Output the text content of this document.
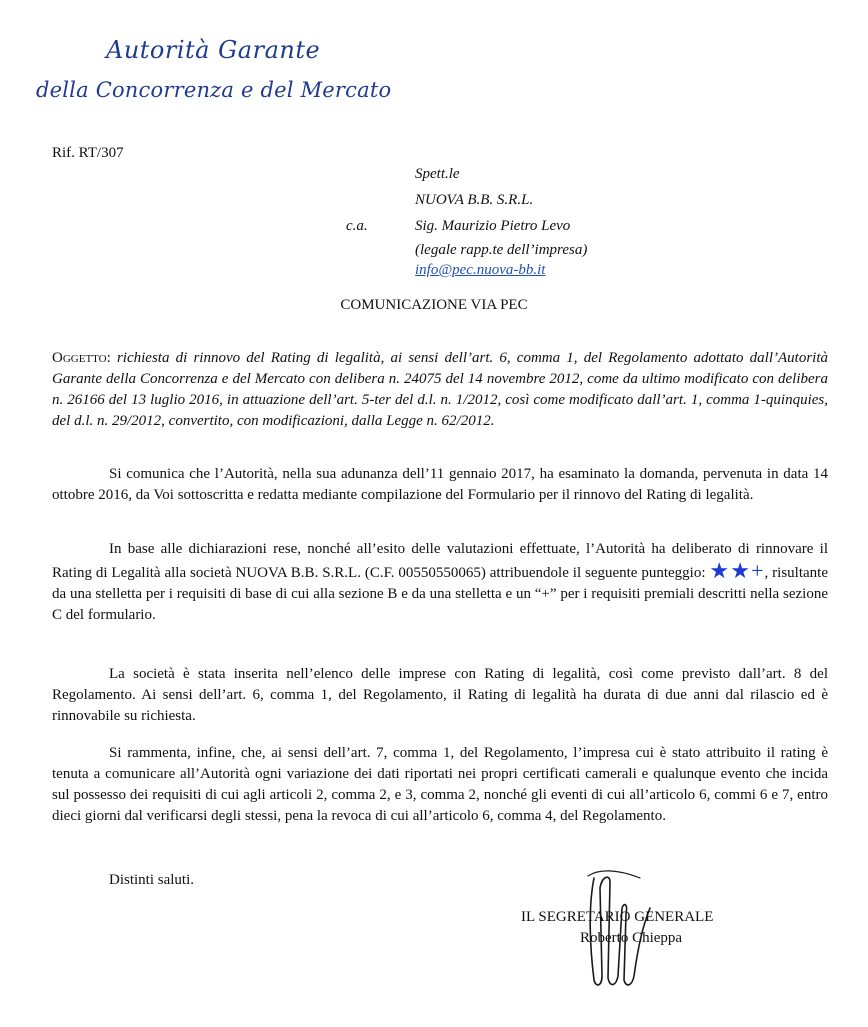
Autorità Garante
della Concorrenza e del Mercato
Rif. RT/307
Spett.le
NUOVA B.B. S.R.L.
c.a.	Sig. Maurizio Pietro Levo
(legale rapp.te dell’impresa)
info@pec.nuova-bb.it
COMUNICAZIONE VIA PEC
Oggetto: richiesta di rinnovo del Rating di legalità, ai sensi dell’art. 6, comma 1, del Regolamento adottato dall’Autorità Garante della Concorrenza e del Mercato con delibera n. 24075 del 14 novembre 2012, come da ultimo modificato con delibera n. 26166 del 13 luglio 2016, in attuazione dell’art. 5-ter del d.l. n. 1/2012, così come modificato dall’art. 1, comma 1-quinquies, del d.l. n. 29/2012, convertito, con modificazioni, dalla Legge n. 62/2012.
Si comunica che l’Autorità, nella sua adunanza dell’11 gennaio 2017, ha esaminato la domanda, pervenuta in data 14 ottobre 2016, da Voi sottoscritta e redatta mediante compilazione del Formulario per il rinnovo del Rating di legalità.
In base alle dichiarazioni rese, nonché all’esito delle valutazioni effettuate, l’Autorità ha deliberato di rinnovare il Rating di Legalità alla società NUOVA B.B. S.R.L. (C.F. 00550550065) attribuendole il seguente punteggio: ★★+, risultante da una stelletta per i requisiti di base di cui alla sezione B e da una stelletta e un “+” per i requisiti premiali descritti nella sezione C del formulario.
La società è stata inserita nell’elenco delle imprese con Rating di legalità, così come previsto dall’art. 8 del Regolamento. Ai sensi dell’art. 6, comma 1, del Regolamento, il Rating di legalità ha durata di due anni dal rilascio ed è rinnovabile su richiesta.
Si rammenta, infine, che, ai sensi dell’art. 7, comma 1, del Regolamento, l’impresa cui è stato attribuito il rating è tenuta a comunicare all’Autorità ogni variazione dei dati riportati nei propri certificati camerali e qualunque evento che incida sul possesso dei requisiti di cui agli articoli 2, comma 2, e 3, comma 2, nonché gli eventi di cui all’articolo 6, commi 6 e 7, entro dieci giorni dal verificarsi degli stessi, pena la revoca di cui all’articolo 6, comma 4, del Regolamento.
Distinti saluti.
IL SEGRETARIO GENERALE
Roberto Chieppa
